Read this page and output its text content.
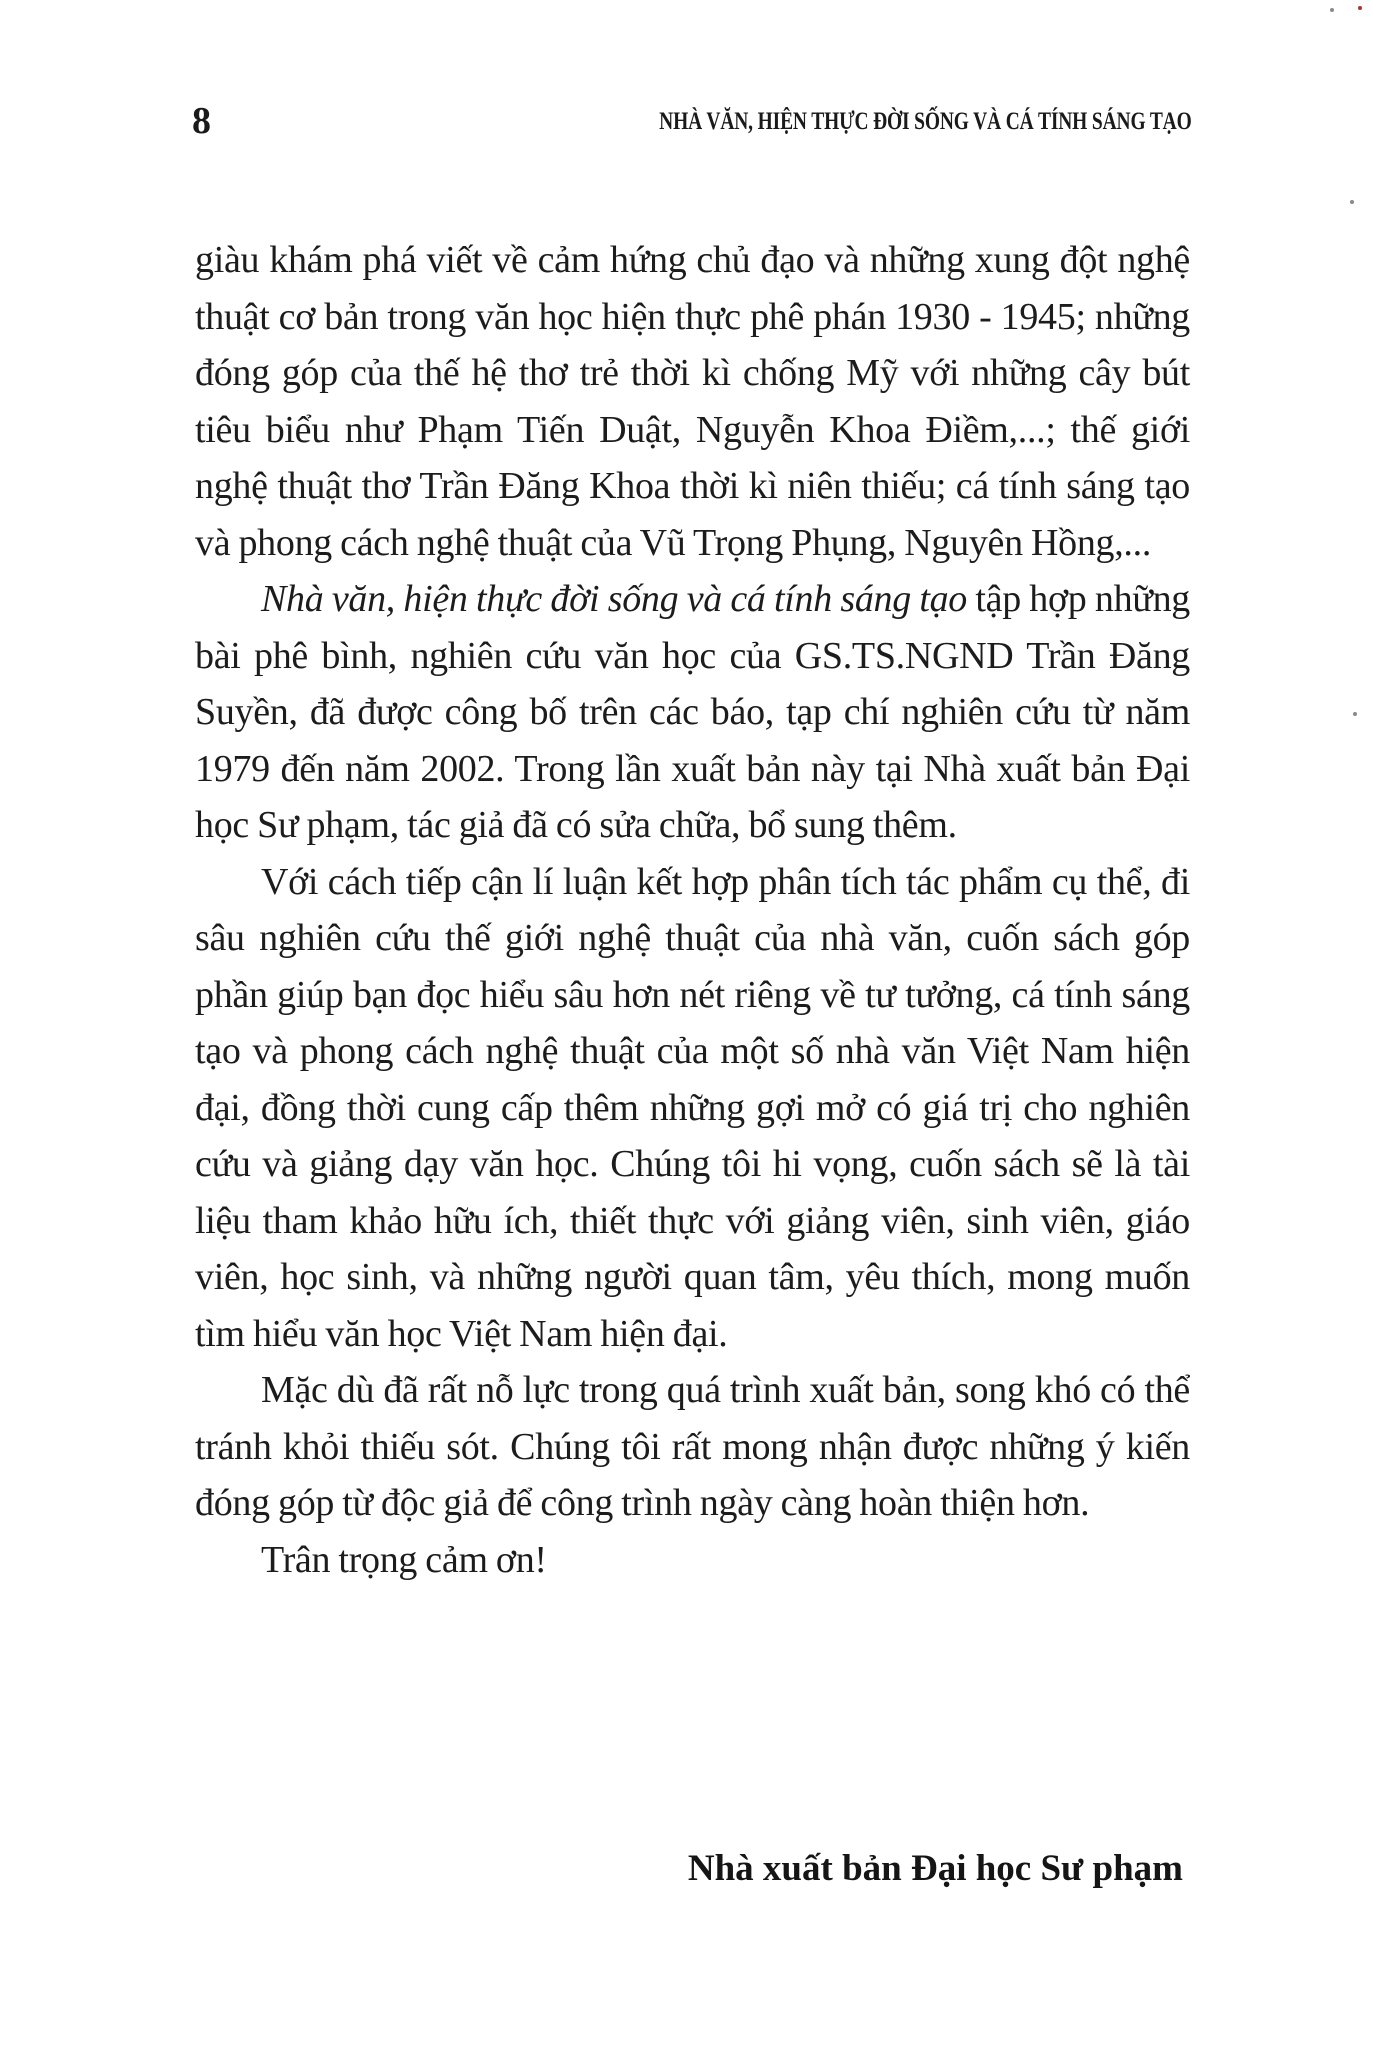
8	NHÀ VĂN, HIỆN THỰC ĐỜI SỐNG VÀ CÁ TÍNH SÁNG TẠO

giàu khám phá viết về cảm hứng chủ đạo và những xung đột nghệ thuật cơ bản trong văn học hiện thực phê phán 1930 - 1945; những đóng góp của thế hệ thơ trẻ thời kì chống Mỹ với những cây bút tiêu biểu như Phạm Tiến Duật, Nguyễn Khoa Điềm,...; thế giới nghệ thuật thơ Trần Đăng Khoa thời kì niên thiếu; cá tính sáng tạo và phong cách nghệ thuật của Vũ Trọng Phụng, Nguyên Hồng,...

Nhà văn, hiện thực đời sống và cá tính sáng tạo tập hợp những bài phê bình, nghiên cứu văn học của GS.TS.NGND Trần Đăng Suyền, đã được công bố trên các báo, tạp chí nghiên cứu từ năm 1979 đến năm 2002. Trong lần xuất bản này tại Nhà xuất bản Đại học Sư phạm, tác giả đã có sửa chữa, bổ sung thêm.

Với cách tiếp cận lí luận kết hợp phân tích tác phẩm cụ thể, đi sâu nghiên cứu thế giới nghệ thuật của nhà văn, cuốn sách góp phần giúp bạn đọc hiểu sâu hơn nét riêng về tư tưởng, cá tính sáng tạo và phong cách nghệ thuật của một số nhà văn Việt Nam hiện đại, đồng thời cung cấp thêm những gợi mở có giá trị cho nghiên cứu và giảng dạy văn học. Chúng tôi hi vọng, cuốn sách sẽ là tài liệu tham khảo hữu ích, thiết thực với giảng viên, sinh viên, giáo viên, học sinh, và những người quan tâm, yêu thích, mong muốn tìm hiểu văn học Việt Nam hiện đại.

Mặc dù đã rất nỗ lực trong quá trình xuất bản, song khó có thể tránh khỏi thiếu sót. Chúng tôi rất mong nhận được những ý kiến đóng góp từ độc giả để công trình ngày càng hoàn thiện hơn.

Trân trọng cảm ơn!

Nhà xuất bản Đại học Sư phạm
